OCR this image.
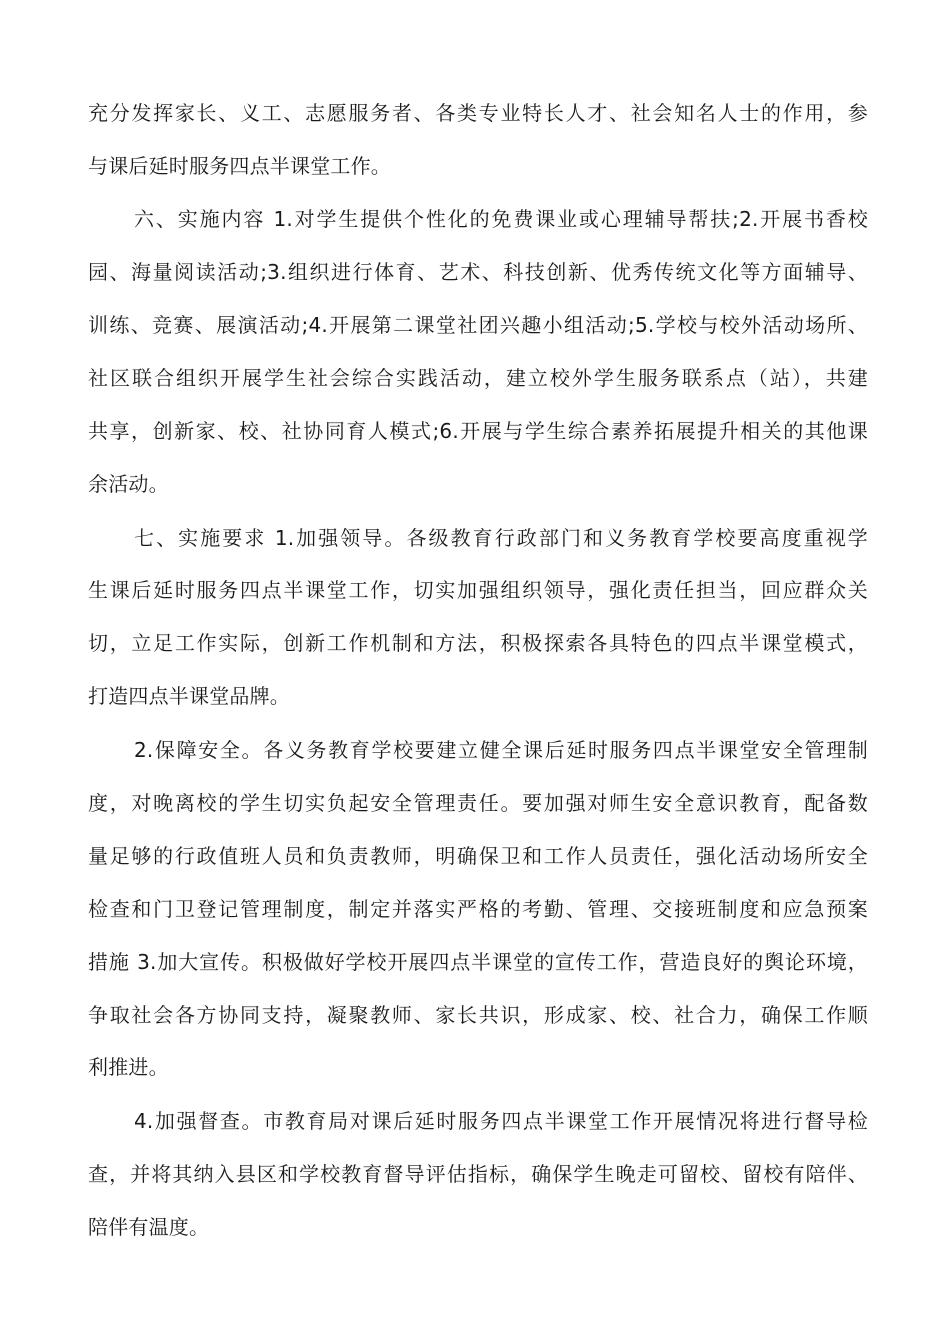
充分发挥家长、义工、志愿服务者、各类专业特长人才、社会知名人士的作用，参
与课后延时服务四点半课堂工作。
六、实施内容 1.对学生提供个性化的免费课业或心理辅导帮扶;2.开展书香校
园、海量阅读活动;3.组织进行体育、艺术、科技创新、优秀传统文化等方面辅导、
训练、竞赛、展演活动;4.开展第二课堂社团兴趣小组活动;5.学校与校外活动场所、
社区联合组织开展学生社会综合实践活动，建立校外学生服务联系点（站），共建
共享，创新家、校、社协同育人模式;6.开展与学生综合素养拓展提升相关的其他课
余活动。
七、实施要求 1.加强领导。各级教育行政部门和义务教育学校要高度重视学
生课后延时服务四点半课堂工作，切实加强组织领导，强化责任担当，回应群众关
切，立足工作实际，创新工作机制和方法，积极探索各具特色的四点半课堂模式，
打造四点半课堂品牌。
2.保障安全。各义务教育学校要建立健全课后延时服务四点半课堂安全管理制
度，对晚离校的学生切实负起安全管理责任。要加强对师生安全意识教育，配备数
量足够的行政值班人员和负责教师，明确保卫和工作人员责任，强化活动场所安全
检查和门卫登记管理制度，制定并落实严格的考勤、管理、交接班制度和应急预案
措施 3.加大宣传。积极做好学校开展四点半课堂的宣传工作，营造良好的舆论环境，
争取社会各方协同支持，凝聚教师、家长共识，形成家、校、社合力，确保工作顺
利推进。
4.加强督查。市教育局对课后延时服务四点半课堂工作开展情况将进行督导检
查，并将其纳入县区和学校教育督导评估指标，确保学生晚走可留校、留校有陪伴、
陪伴有温度。
